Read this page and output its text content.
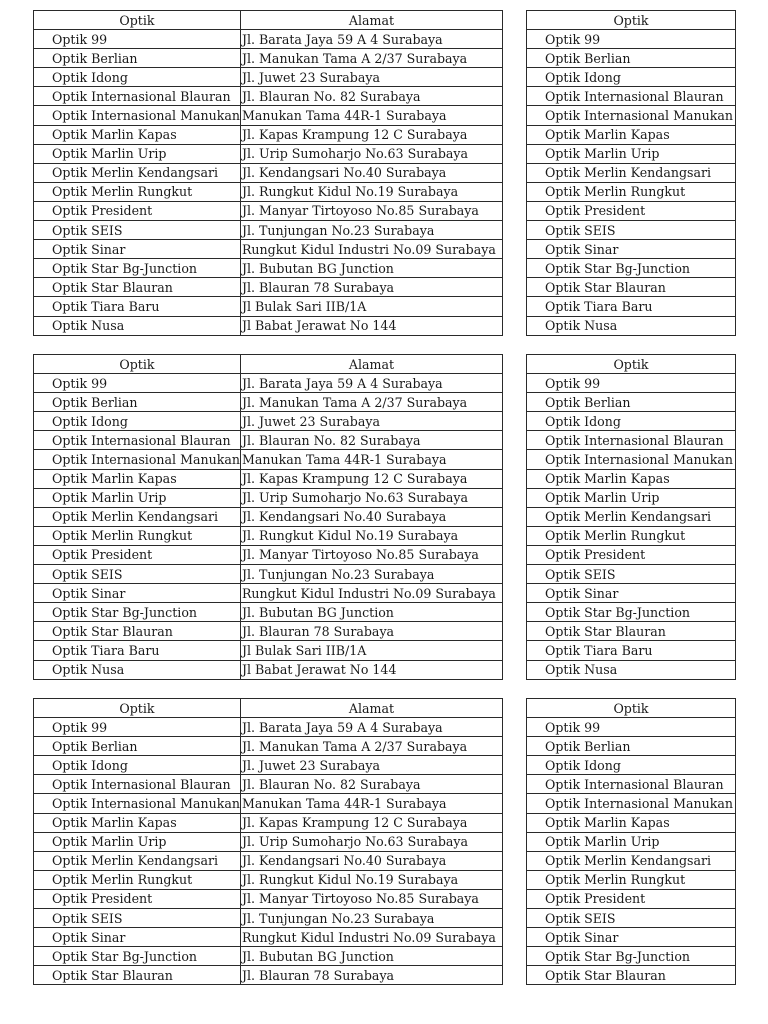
Optik	Alamat
Optik 99	Jl. Barata Jaya 59 A 4 Surabaya
Optik Berlian	Jl. Manukan Tama A 2/37 Surabaya
Optik Idong	Jl. Juwet 23 Surabaya
Optik Internasional Blauran	Jl. Blauran No. 82 Surabaya
Optik Internasional Manukan	Manukan Tama 44R-1 Surabaya
Optik Marlin Kapas	Jl. Kapas Krampung 12 C Surabaya
Optik Marlin Urip	Jl. Urip Sumoharjo No.63 Surabaya
Optik Merlin Kendangsari	Jl. Kendangsari No.40 Surabaya
Optik Merlin Rungkut	Jl. Rungkut Kidul No.19 Surabaya
Optik President	Jl. Manyar Tirtoyoso No.85 Surabaya
Optik SEIS	Jl. Tunjungan No.23 Surabaya
Optik Sinar	Rungkut Kidul Industri No.09 Surabaya
Optik Star Bg-Junction	Jl. Bubutan BG Junction
Optik Star Blauran	Jl. Blauran 78 Surabaya
Optik Tiara Baru	Jl Bulak Sari IIB/1A
Optik Nusa	Jl Babat Jerawat No 144
Optik
Optik 99
Optik Berlian
Optik Idong
Optik Internasional Blauran
Optik Internasional Manukan
Optik Marlin Kapas
Optik Marlin Urip
Optik Merlin Kendangsari
Optik Merlin Rungkut
Optik President
Optik SEIS
Optik Sinar
Optik Star Bg-Junction
Optik Star Blauran
Optik Tiara Baru
Optik Nusa
Optik	Alamat
Optik 99	Jl. Barata Jaya 59 A 4 Surabaya
Optik Berlian	Jl. Manukan Tama A 2/37 Surabaya
Optik Idong	Jl. Juwet 23 Surabaya
Optik Internasional Blauran	Jl. Blauran No. 82 Surabaya
Optik Internasional Manukan	Manukan Tama 44R-1 Surabaya
Optik Marlin Kapas	Jl. Kapas Krampung 12 C Surabaya
Optik Marlin Urip	Jl. Urip Sumoharjo No.63 Surabaya
Optik Merlin Kendangsari	Jl. Kendangsari No.40 Surabaya
Optik Merlin Rungkut	Jl. Rungkut Kidul No.19 Surabaya
Optik President	Jl. Manyar Tirtoyoso No.85 Surabaya
Optik SEIS	Jl. Tunjungan No.23 Surabaya
Optik Sinar	Rungkut Kidul Industri No.09 Surabaya
Optik Star Bg-Junction	Jl. Bubutan BG Junction
Optik Star Blauran	Jl. Blauran 78 Surabaya
Optik Tiara Baru	Jl Bulak Sari IIB/1A
Optik Nusa	Jl Babat Jerawat No 144
Optik
Optik 99
Optik Berlian
Optik Idong
Optik Internasional Blauran
Optik Internasional Manukan
Optik Marlin Kapas
Optik Marlin Urip
Optik Merlin Kendangsari
Optik Merlin Rungkut
Optik President
Optik SEIS
Optik Sinar
Optik Star Bg-Junction
Optik Star Blauran
Optik Tiara Baru
Optik Nusa
Optik	Alamat
Optik 99	Jl. Barata Jaya 59 A 4 Surabaya
Optik Berlian	Jl. Manukan Tama A 2/37 Surabaya
Optik Idong	Jl. Juwet 23 Surabaya
Optik Internasional Blauran	Jl. Blauran No. 82 Surabaya
Optik Internasional Manukan	Manukan Tama 44R-1 Surabaya
Optik Marlin Kapas	Jl. Kapas Krampung 12 C Surabaya
Optik Marlin Urip	Jl. Urip Sumoharjo No.63 Surabaya
Optik Merlin Kendangsari	Jl. Kendangsari No.40 Surabaya
Optik Merlin Rungkut	Jl. Rungkut Kidul No.19 Surabaya
Optik President	Jl. Manyar Tirtoyoso No.85 Surabaya
Optik SEIS	Jl. Tunjungan No.23 Surabaya
Optik Sinar	Rungkut Kidul Industri No.09 Surabaya
Optik Star Bg-Junction	Jl. Bubutan BG Junction
Optik Star Blauran	Jl. Blauran 78 Surabaya
Optik
Optik 99
Optik Berlian
Optik Idong
Optik Internasional Blauran
Optik Internasional Manukan
Optik Marlin Kapas
Optik Marlin Urip
Optik Merlin Kendangsari
Optik Merlin Rungkut
Optik President
Optik SEIS
Optik Sinar
Optik Star Bg-Junction
Optik Star Blauran
